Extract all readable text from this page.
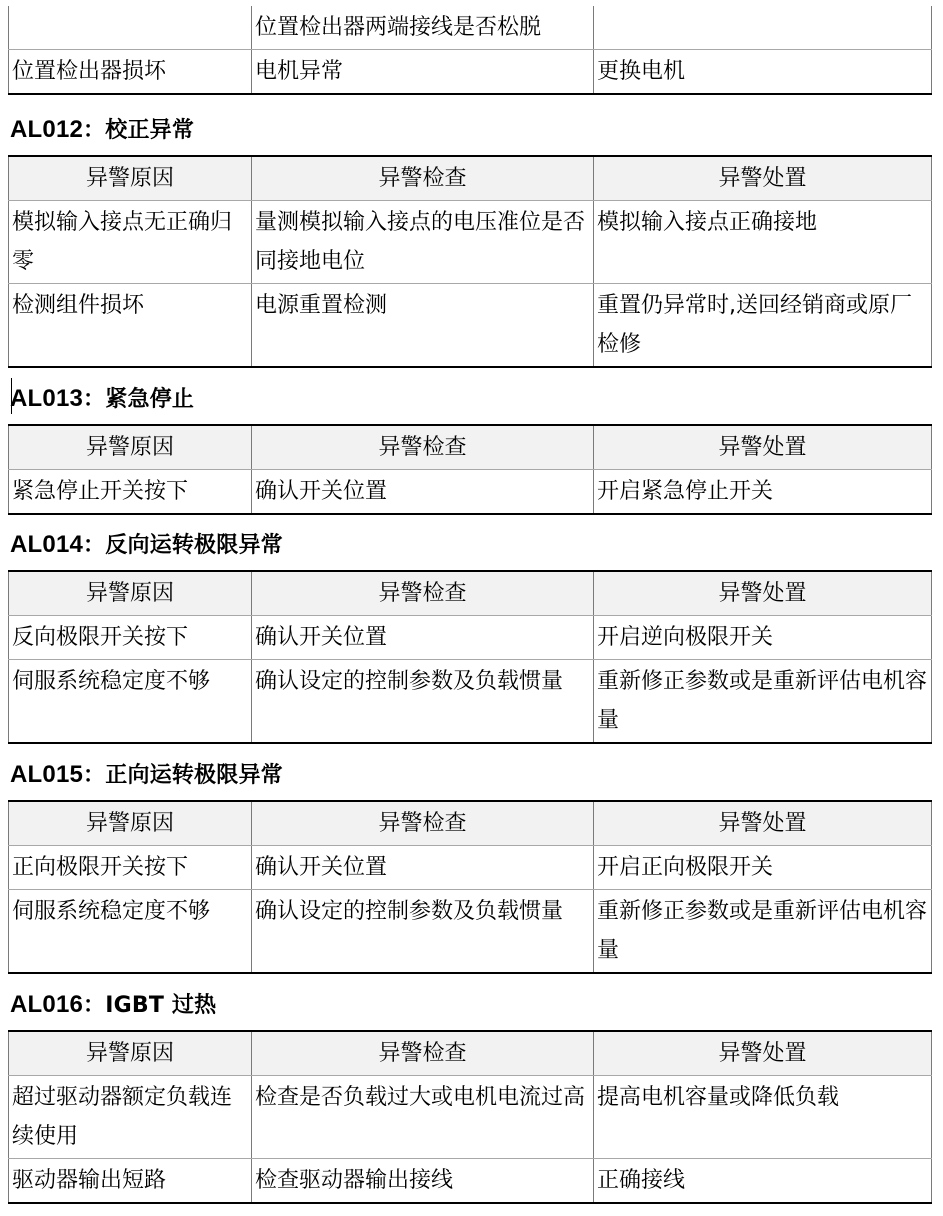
	位置检出器两端接线是否松脱	
位置检出器损坏	电机异常	更换电机
AL012：校正异常
异警原因	异警检查	异警处置
模拟输入接点无正确归零	量测模拟输入接点的电压准位是否同接地电位	模拟输入接点正确接地
检测组件损坏	电源重置检测	重置仍异常时,送回经销商或原厂检修
AL013：紧急停止
异警原因	异警检查	异警处置
紧急停止开关按下	确认开关位置	开启紧急停止开关
AL014：反向运转极限异常
异警原因	异警检查	异警处置
反向极限开关按下	确认开关位置	开启逆向极限开关
伺服系统稳定度不够	确认设定的控制参数及负载惯量	重新修正参数或是重新评估电机容量
AL015：正向运转极限异常
异警原因	异警检查	异警处置
正向极限开关按下	确认开关位置	开启正向极限开关
伺服系统稳定度不够	确认设定的控制参数及负载惯量	重新修正参数或是重新评估电机容量
AL016：IGBT 过热
异警原因	异警检查	异警处置
超过驱动器额定负载连续使用	检查是否负载过大或电机电流过高	提高电机容量或降低负载
驱动器输出短路	检查驱动器输出接线	正确接线
